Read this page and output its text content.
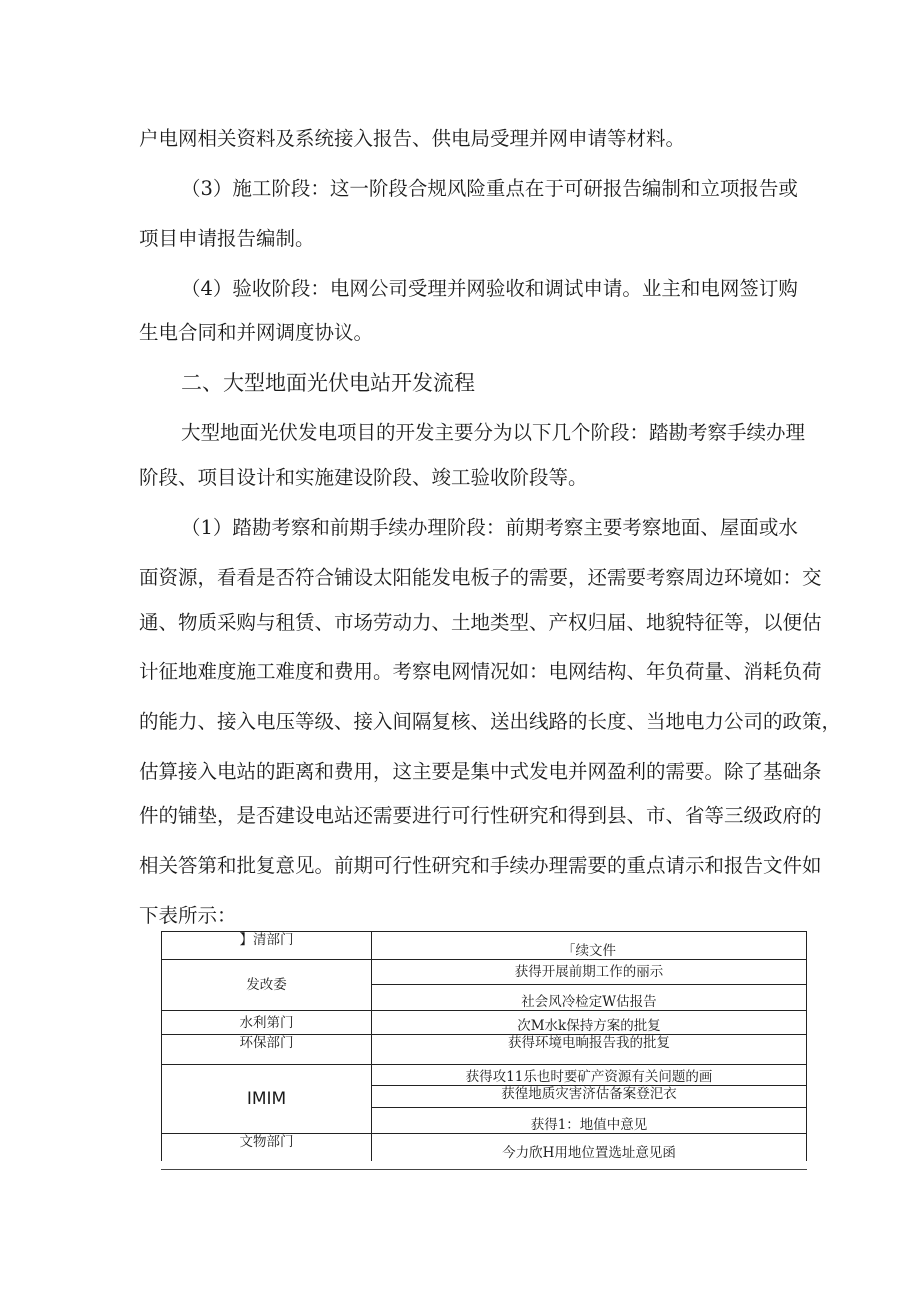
户电网相关资料及系统接入报告、供电局受理并网申请等材料。
（3）施工阶段：这一阶段合规风险重点在于可研报告编制和立项报告或
项目申请报告编制。
（4）验收阶段：电网公司受理并网验收和调试申请。业主和电网签订购
生电合同和并网调度协议。
二、大型地面光伏电站开发流程
大型地面光伏发电项目的开发主要分为以下几个阶段：踏勘考察手续办理
阶段、项目设计和实施建设阶段、竣工验收阶段等。
（1）踏勘考察和前期手续办理阶段：前期考察主要考察地面、屋面或水
面资源，看看是否符合铺设太阳能发电板子的需要，还需要考察周边环境如：交
通、物质采购与租赁、市场劳动力、土地类型、产权归届、地貌特征等，以便估
计征地难度施工难度和费用。考察电网情况如：电网结构、年负荷量、消耗负荷
的能力、接入电压等级、接入间隔复核、送出线路的长度、当地电力公司的政策，
估算接入电站的距离和费用，这主要是集中式发电并网盈利的需要。除了基础条
件的铺垫，是否建设电站还需要进行可行性研究和得到县、市、省等三级政府的
相关答第和批复意见。前期可行性研究和手续办理需要的重点请示和报告文件如
下表所示：
】清部门	「续文件
发改委	获得开展前期工作的丽示
	社会风冷检定W估报告
水利第门	次M水k保持方案的批复
环保部门	获得环境电晌报告我的批复
IMIM	获得攻11乐也时要矿产资源有关问题的画
	获徨地质灾害济估备案登汜衣
	获得1：地值中意见
文物部门	今力欣H用地位置选址意见函
